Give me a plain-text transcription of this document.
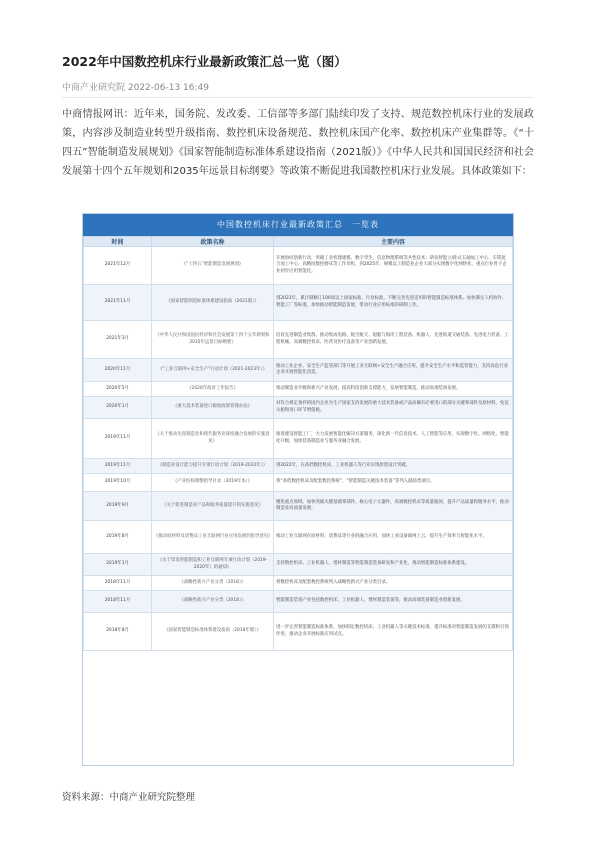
2022年中国数控机床行业最新政策汇总一览（图）
中商产业研究院 2022-06-13 16:49

中商情报网讯：近年来，国务院、发改委、工信部等多部门陆续印发了支持、规范数控机床行业的发展政策，内容涉及制造业转型升级指南、数控机床设备规范、数控机床国产化率、数控机床产业集群等。《“十四五”智能制造发展规划》《国家智能制造标准体系建设指南（2021版）》《中华人民共和国国民经济和社会发展第十四个五年规划和2035年远景目标纲要》等政策不断促进我国数控机床行业发展。具体政策如下：

中国数控机床行业最新政策汇总　一览表
时间	政策名称	主要内容
2021年12月	《“十四五”智能制造发展规划》	开展协同创新行动，突破工业机理建模、数字孪生、信息物理系统等共性技术；研发智能立/卧式五轴加工中心、车铣复合加工中心、高精度数控磨床等工作母机，到2025年，规模以上制造业企业大部分实现数字化网络化，重点行业骨干企业初步应用智能化。
2021年11月	《国家智能制造标准体系建设指南（2021版）》	到2023年，累计制修订100项以上国家标准、行业标准，不断完善先进适用的智能制造标准体系。加快制定人机协作、智能工厂等标准，加快推动智能制造发展，带动行业应用标准的研制工作。
2021年3月	《中华人民共和国国民经济和社会发展第十四个五年规划和2035年远景目标纲要》	培育先进制造业集群，推动集成电路、航空航天、船舶与海洋工程装备、机器人、先进轨道交通装备、先进电力装备、工程机械、高端数控机床、医药及医疗设备等产业创新发展。
2020年11月	《“工业互联网+安全生产”行动计划（2021-2023年）》	推动工业企业、安全生产监管部门等开展工业互联网+安全生产融合应用，提升安全生产水平和监管能力，支持高危行业企业开展智能化改造。
2020年5月	《2020年政府工作报告》	推动制造业升级和新兴产业发展，提高科技创新支撑能力，发展智能制造，推动高端装备发展。
2020年1月	《重大技术装备进口税收政策管理办法》	对符合规定条件的国内企业为生产国家支持发展的重大技术装备或产品而确有必要进口的部分关键零部件及原材料，免征关税和进口环节增值税。
2019年11月	《关于推动先进制造业和现代服务业深度融合发展的实施意见》	推进建设智能工厂，大力发展智能化解决方案服务，深化新一代信息技术、人工智能等应用，实现数字化、网络化、智能化升级，加快装备制造业与服务业融合发展。
2019年11月	《制造业设计能力提升专项行动计划（2019-2022年）》	到2022年，在高档数控机床、工业机器人等行业实现原创设计突破。
2019年10月	《产业结构调整指导目录（2019年本）》	将“高档数控机床及配套数控系统”、“智能制造关键技术装备”等列入鼓励类项目。
2019年9月	《关于促进制造业产品和服务质量提升的实施意见》	聚焦重点领域，加快突破关键基础零部件、核心电子元器件、高端数控机床等质量瓶颈，提升产品质量和服务水平，推动制造业高质量发展。
2019年8月	《推动原材料及消费品工业互联网行业应用发展的指导意见》	推动工业互联网在原材料、消费品等行业的融合应用，加快工业设备联网上云，提升生产效率与智能化水平。
2019年1月	《关于印发智能制造和工业互联网专项行动计划（2019-2020年）的通知》	支持数控机床、工业机器人、增材制造等智能制造装备研发和产业化，推动智能制造标准体系建设。
2018年11月	《战略性新兴产业分类（2018）》	将数控机床及配套数控系统列入战略性新兴产业分类目录。
2018年11月	《战略性新兴产业分类（2018）》	智能制造装备产业包括数控机床、工业机器人、增材制造装备等，推动高端装备制造业创新发展。
2018年8月	《国家智能制造标准体系建设指南（2018年版）》	进一步完善智能制造标准体系，加快制定数控机床、工业机器人等关键技术标准，提升标准对智能制造发展的支撑和引领作用，推动企业开展标准应用试点。
资料来源：中商产业研究院整理
